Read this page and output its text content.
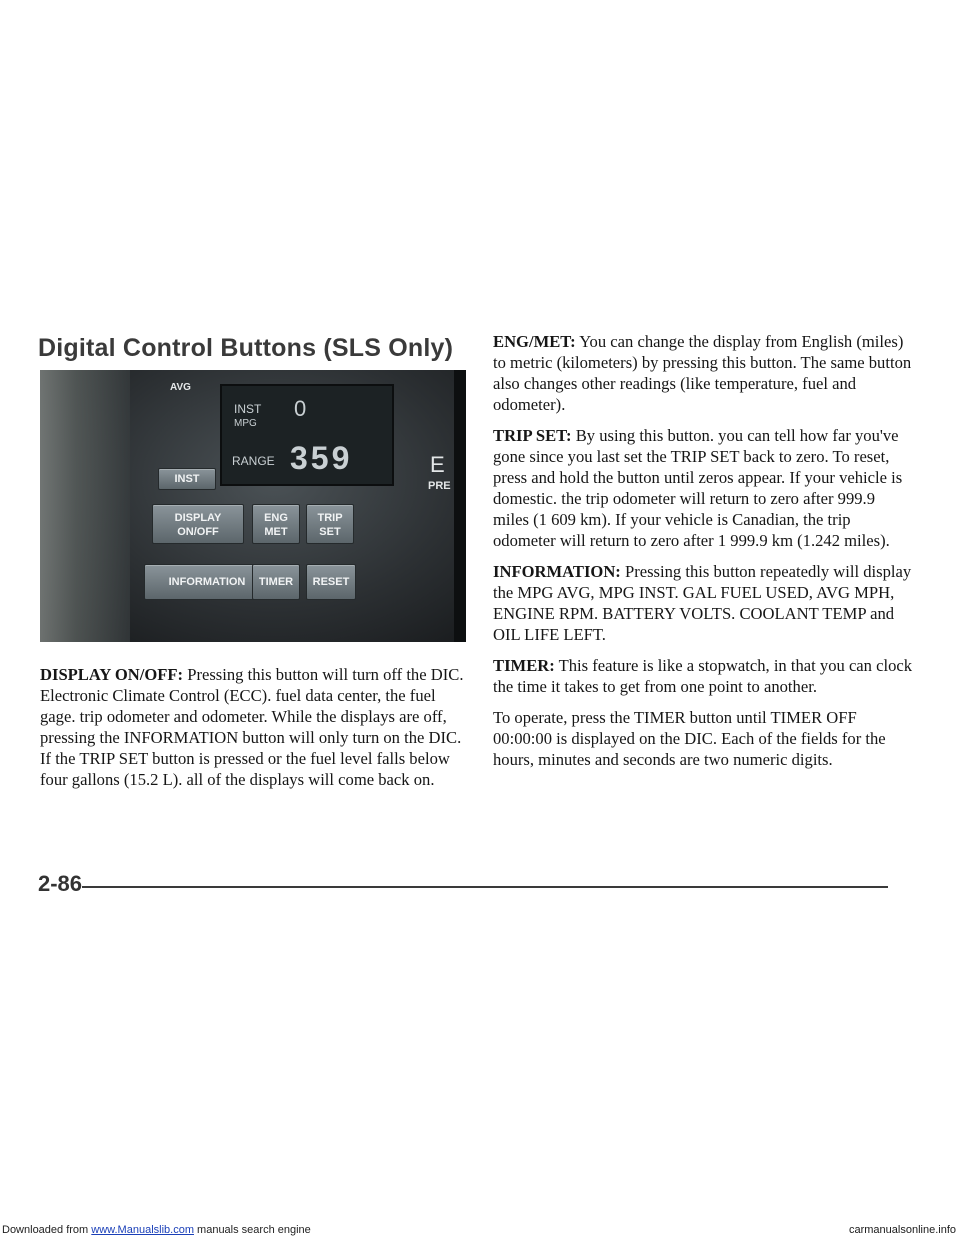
Digital Control Buttons (SLS Only)
AVG
INST
MPG
0
RANGE 359
INST
DISPLAY
ON/OFF
ENG
MET
TRIP
SET
INFORMATION	TIMER	RESET
E
PRE

DISPLAY ON/OFF: Pressing this button will turn off the DIC. Electronic Climate Control (ECC). fuel data center, the fuel gage. trip odometer and odometer. While the displays are off, pressing the INFORMATION button will only turn on the DIC. If the TRIP SET button is pressed or the fuel level falls below four gallons (15.2 L). all of the displays will come back on.

ENG/MET: You can change the display from English (miles) to metric (kilometers) by pressing this button. The same button also changes other readings (like temperature, fuel and odometer).

TRIP SET: By using this button. you can tell how far you've gone since you last set the TRIP SET back to zero. To reset, press and hold the button until zeros appear. If your vehicle is domestic. the trip odometer will return to zero after 999.9 miles (1 609 km). If your vehicle is Canadian, the trip odometer will return to zero after 1 999.9 km (1.242 miles).

INFORMATION: Pressing this button repeatedly will display the MPG AVG, MPG INST. GAL FUEL USED, AVG MPH, ENGINE RPM. BATTERY VOLTS. COOLANT TEMP and OIL LIFE LEFT.

TIMER: This feature is like a stopwatch, in that you can clock the time it takes to get from one point to another.

To operate, press the TIMER button until TIMER OFF 00:00:00 is displayed on the DIC. Each of the fields for the hours, minutes and seconds are two numeric digits.

2-86
Downloaded from www.Manualslib.com manuals search engine	carmanualsonline.info
